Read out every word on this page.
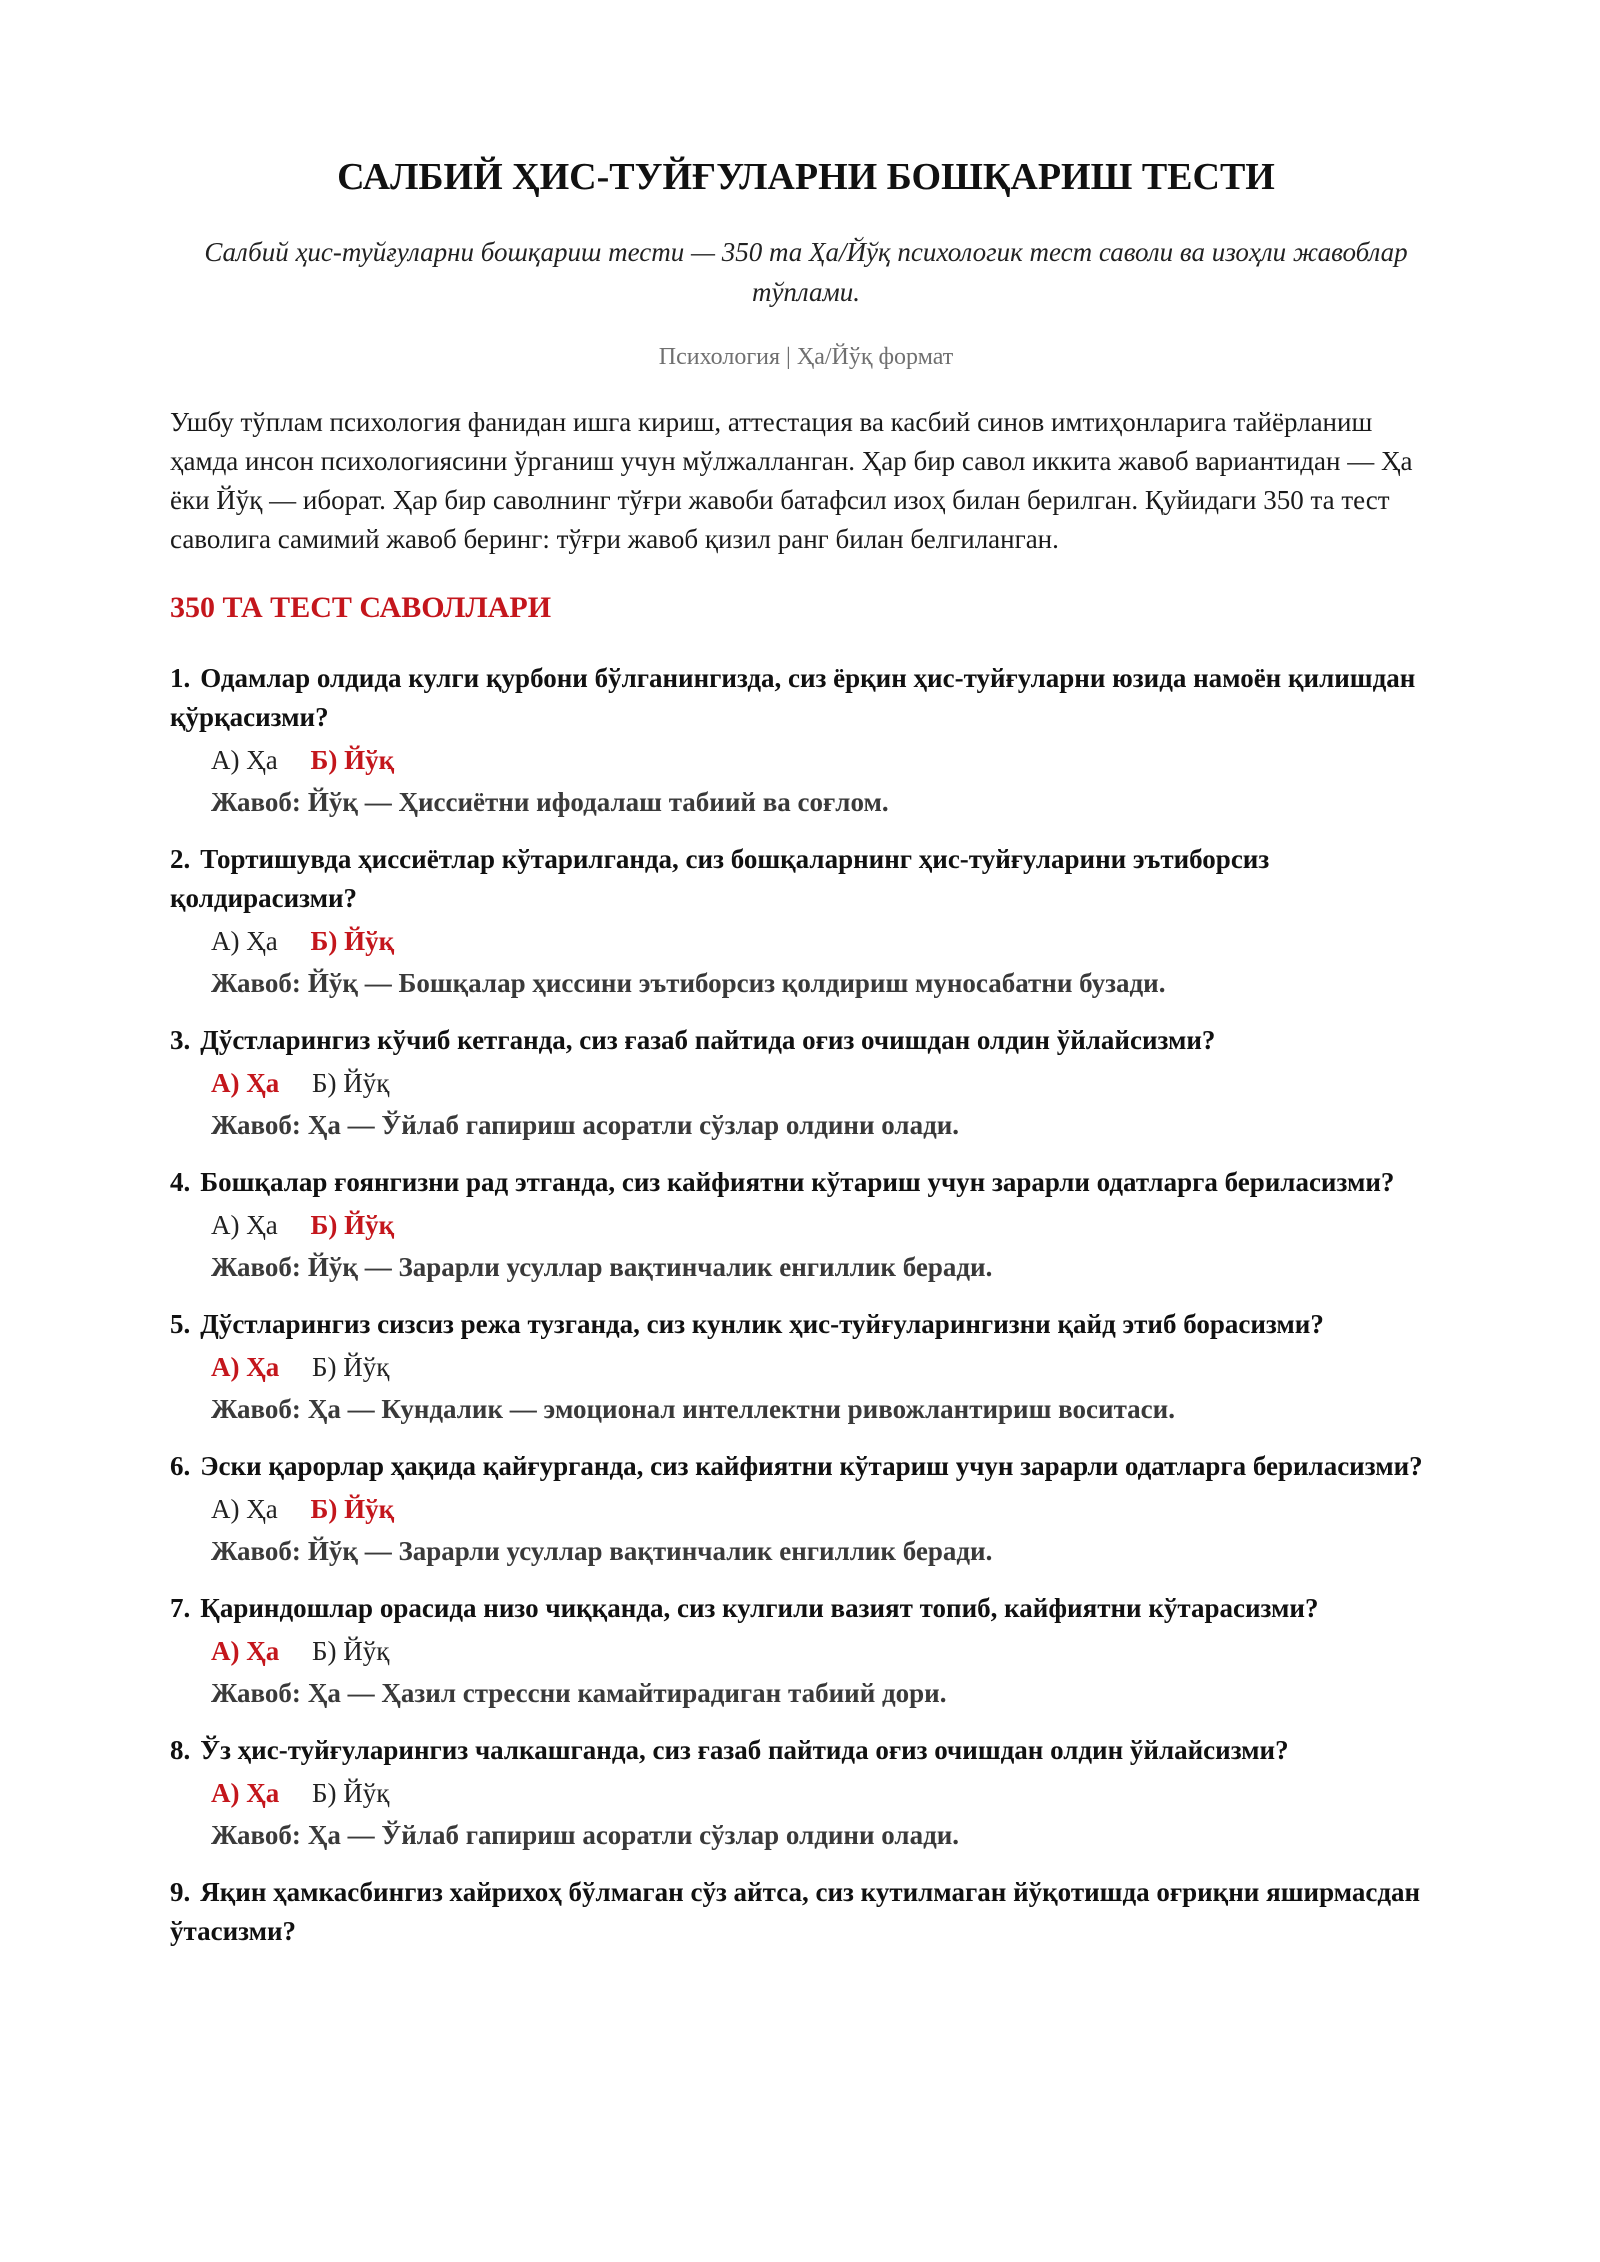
САЛБИЙ ҲИС-ТУЙҒУЛАРНИ БОШҚАРИШ ТЕСТИ

Салбий ҳис-туйғуларни бошқариш тести — 350 та Ҳа/Йўқ психологик тест саволи ва изоҳли жавоблар тўплами.

Психология | Ҳа/Йўқ формат

Ушбу тўплам психология фанидан ишга кириш, аттестация ва касбий синов имтиҳонларига тайёрланиш ҳамда инсон психологиясини ўрганиш учун мўлжалланган. Ҳар бир савол иккита жавоб вариантидан — Ҳа ёки Йўқ — иборат. Ҳар бир саволнинг тўғри жавоби батафсил изоҳ билан берилган. Қуйидаги 350 та тест саволига самимий жавоб беринг: тўғри жавоб қизил ранг билан белгиланган.

350 ТА ТЕСТ САВОЛЛАРИ

1. Одамлар олдида кулги қурбони бўлганингизда, сиз ёрқин ҳис-туйғуларни юзида намоён қилишдан қўрқасизми?

А) Ҳа Б) Йўқ

Жавоб: Йўқ — Ҳиссиётни ифодалаш табиий ва соғлом.

2. Тортишувда ҳиссиётлар кўтарилганда, сиз бошқаларнинг ҳис-туйғуларини эътиборсиз қолдирасизми?

А) Ҳа Б) Йўқ

Жавоб: Йўқ — Бошқалар ҳиссини эътиборсиз қолдириш муносабатни бузади.

3. Дўстларингиз кўчиб кетганда, сиз ғазаб пайтида оғиз очишдан олдин ўйлайсизми?

А) Ҳа Б) Йўқ

Жавоб: Ҳа — Ўйлаб гапириш асоратли сўзлар олдини олади.

4. Бошқалар ғоянгизни рад этганда, сиз кайфиятни кўтариш учун зарарли одатларга бериласизми?

А) Ҳа Б) Йўқ

Жавоб: Йўқ — Зарарли усуллар вақтинчалик енгиллик беради.

5. Дўстларингиз сизсиз режа тузганда, сиз кунлик ҳис-туйғуларингизни қайд этиб борасизми?

А) Ҳа Б) Йўқ

Жавоб: Ҳа — Кундалик — эмоционал интеллектни ривожлантириш воситаси.

6. Эски қарорлар ҳақида қайғурганда, сиз кайфиятни кўтариш учун зарарли одатларга бериласизми?

А) Ҳа Б) Йўқ

Жавоб: Йўқ — Зарарли усуллар вақтинчалик енгиллик беради.

7. Қариндошлар орасида низо чиққанда, сиз кулгили вазият топиб, кайфиятни кўтарасизми?

А) Ҳа Б) Йўқ

Жавоб: Ҳа — Ҳазил стрессни камайтирадиган табиий дори.

8. Ўз ҳис-туйғуларингиз чалкашганда, сиз ғазаб пайтида оғиз очишдан олдин ўйлайсизми?

А) Ҳа Б) Йўқ

Жавоб: Ҳа — Ўйлаб гапириш асоратли сўзлар олдини олади.

9. Яқин ҳамкасбингиз хайрихоҳ бўлмаган сўз айтса, сиз кутилмаган йўқотишда оғриқни яширмасдан ўтасизми?
